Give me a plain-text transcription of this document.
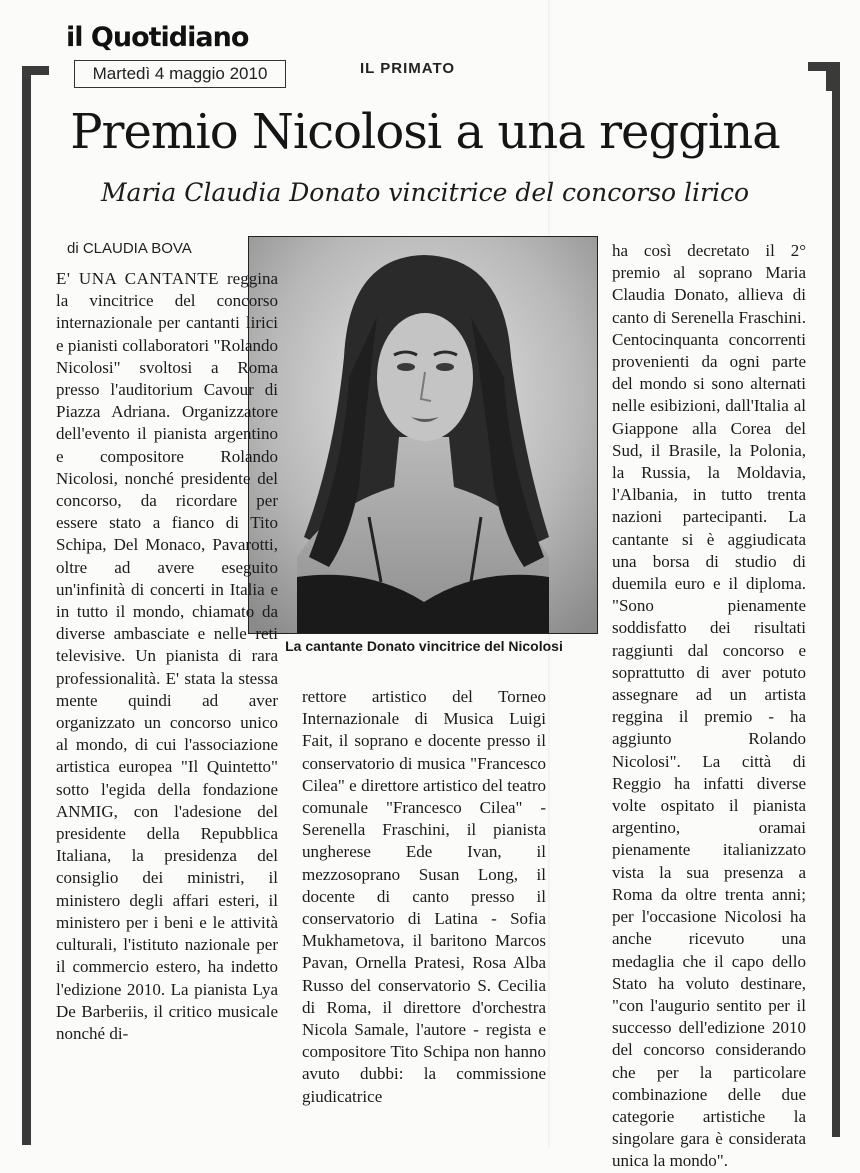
il Quotidiano
Martedì 4 maggio 2010	IL PRIMATO
Premio Nicolosi a una reggina
Maria Claudia Donato vincitrice del concorso lirico
di CLAUDIA BOVA
La cantante Donato vincitrice del Nicolosi
E' UNA CANTANTE reggina la vincitrice del concorso internazionale per cantanti lirici e pianisti collaboratori "Rolando Nicolosi" svoltosi a Roma presso l'auditorium Cavour di Piazza Adriana. Organizzatore dell'evento il pianista argentino e compositore Rolando Nicolosi, nonché presidente del concorso, da ricordare per essere stato a fianco di Tito Schipa, Del Monaco, Pavarotti, oltre ad avere eseguito un'infinità di concerti in Italia e in tutto il mondo, chiamato da diverse ambasciate e nelle reti televisive. Un pianista di rara professionalità. E' stata la stessa mente quindi ad aver organizzato un concorso unico al mondo, di cui l'associazione artistica europea "Il Quintetto" sotto l'egida della fondazione ANMIG, con l'adesione del presidente della Repubblica Italiana, la presidenza del consiglio dei ministri, il ministero degli affari esteri, il ministero per i beni e le attività culturali, l'istituto nazionale per il commercio estero, ha indetto l'edizione 2010. La pianista Lya De Barberiis, il critico musicale nonché di-
rettore artistico del Torneo Internazionale di Musica Luigi Fait, il soprano e docente presso il conservatorio di musica "Francesco Cilea" e direttore artistico del teatro comunale "Francesco Cilea" - Serenella Fraschini, il pianista ungherese Ede Ivan, il mezzosoprano Susan Long, il docente di canto presso il conservatorio di Latina - Sofia Mukhametova, il baritono Marcos Pavan, Ornella Pratesi, Rosa Alba Russo del conservatorio S. Cecilia di Roma, il direttore d'orchestra Nicola Samale, l'autore - regista e compositore Tito Schipa non hanno avuto dubbi: la commissione giudicatrice
ha così decretato il 2° premio al soprano Maria Claudia Donato, allieva di canto di Serenella Fraschini. Centocinquanta concorrenti provenienti da ogni parte del mondo si sono alternati nelle esibizioni, dall'Italia al Giappone alla Corea del Sud, il Brasile, la Polonia, la Russia, la Moldavia, l'Albania, in tutto trenta nazioni partecipanti. La cantante si è aggiudicata una borsa di studio di duemila euro e il diploma. "Sono pienamente soddisfatto dei risultati raggiunti dal concorso e soprattutto di aver potuto assegnare ad un artista reggina il premio - ha aggiunto Rolando Nicolosi". La città di Reggio ha infatti diverse volte ospitato il pianista argentino, oramai pienamente italianizzato vista la sua presenza a Roma da oltre trenta anni; per l'occasione Nicolosi ha anche ricevuto una medaglia che il capo dello Stato ha voluto destinare, "con l'augurio sentito per il successo dell'edizione 2010 del concorso considerando che per la particolare combinazione delle due categorie artistiche la singolare gara è considerata unica la mondo".
